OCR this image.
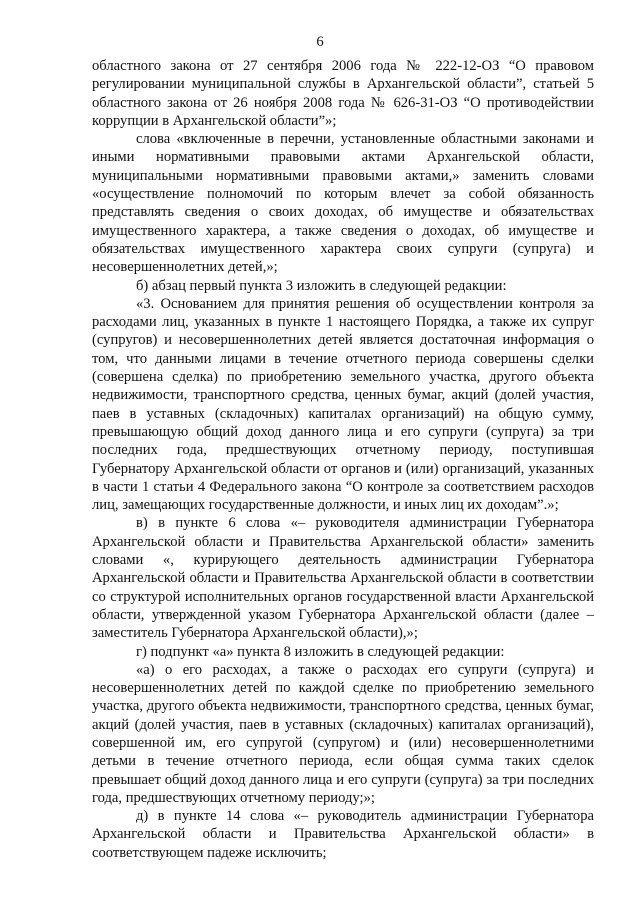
6

областного закона от 27 сентября 2006 года № 222-12-ОЗ “О правовом регулировании муниципальной службы в Архангельской области”, статьей 5 областного закона от 26 ноября 2008 года № 626-31-ОЗ “О противодействии коррупции в Архангельской области”»;

слова «включенные в перечни, установленные областными законами и иными нормативными правовыми актами Архангельской области, муниципальными нормативными правовыми актами,» заменить словами «осуществление полномочий по которым влечет за собой обязанность представлять сведения о своих доходах, об имуществе и обязательствах имущественного характера, а также сведения о доходах, об имуществе и обязательствах имущественного характера своих супруги (супруга) и несовершеннолетних детей,»;

б) абзац первый пункта 3 изложить в следующей редакции:

«3. Основанием для принятия решения об осуществлении контроля за расходами лиц, указанных в пункте 1 настоящего Порядка, а также их супруг (супругов) и несовершеннолетних детей является достаточная информация о том, что данными лицами в течение отчетного периода совершены сделки (совершена сделка) по приобретению земельного участка, другого объекта недвижимости, транспортного средства, ценных бумаг, акций (долей участия, паев в уставных (складочных) капиталах организаций) на общую сумму, превышающую общий доход данного лица и его супруги (супруга) за три последних года, предшествующих отчетному периоду, поступившая Губернатору Архангельской области от органов и (или) организаций, указанных в части 1 статьи 4 Федерального закона “О контроле за соответствием расходов лиц, замещающих государственные должности, и иных лиц их доходам”.»;

в) в пункте 6 слова «– руководителя администрации Губернатора Архангельской области и Правительства Архангельской области» заменить словами «, курирующего деятельность администрации Губернатора Архангельской области и Правительства Архангельской области в соответствии со структурой исполнительных органов государственной власти Архангельской области, утвержденной указом Губернатора Архангельской области (далее – заместитель Губернатора Архангельской области),»;

г) подпункт «а» пункта 8 изложить в следующей редакции:

«а) о его расходах, а также о расходах его супруги (супруга) и несовершеннолетних детей по каждой сделке по приобретению земельного участка, другого объекта недвижимости, транспортного средства, ценных бумаг, акций (долей участия, паев в уставных (складочных) капиталах организаций), совершенной им, его супругой (супругом) и (или) несовершеннолетними детьми в течение отчетного периода, если общая сумма таких сделок превышает общий доход данного лица и его супруги (супруга) за три последних года, предшествующих отчетному периоду;»;

д) в пункте 14 слова «– руководитель администрации Губернатора Архангельской области и Правительства Архангельской области» в соответствующем падеже исключить;
